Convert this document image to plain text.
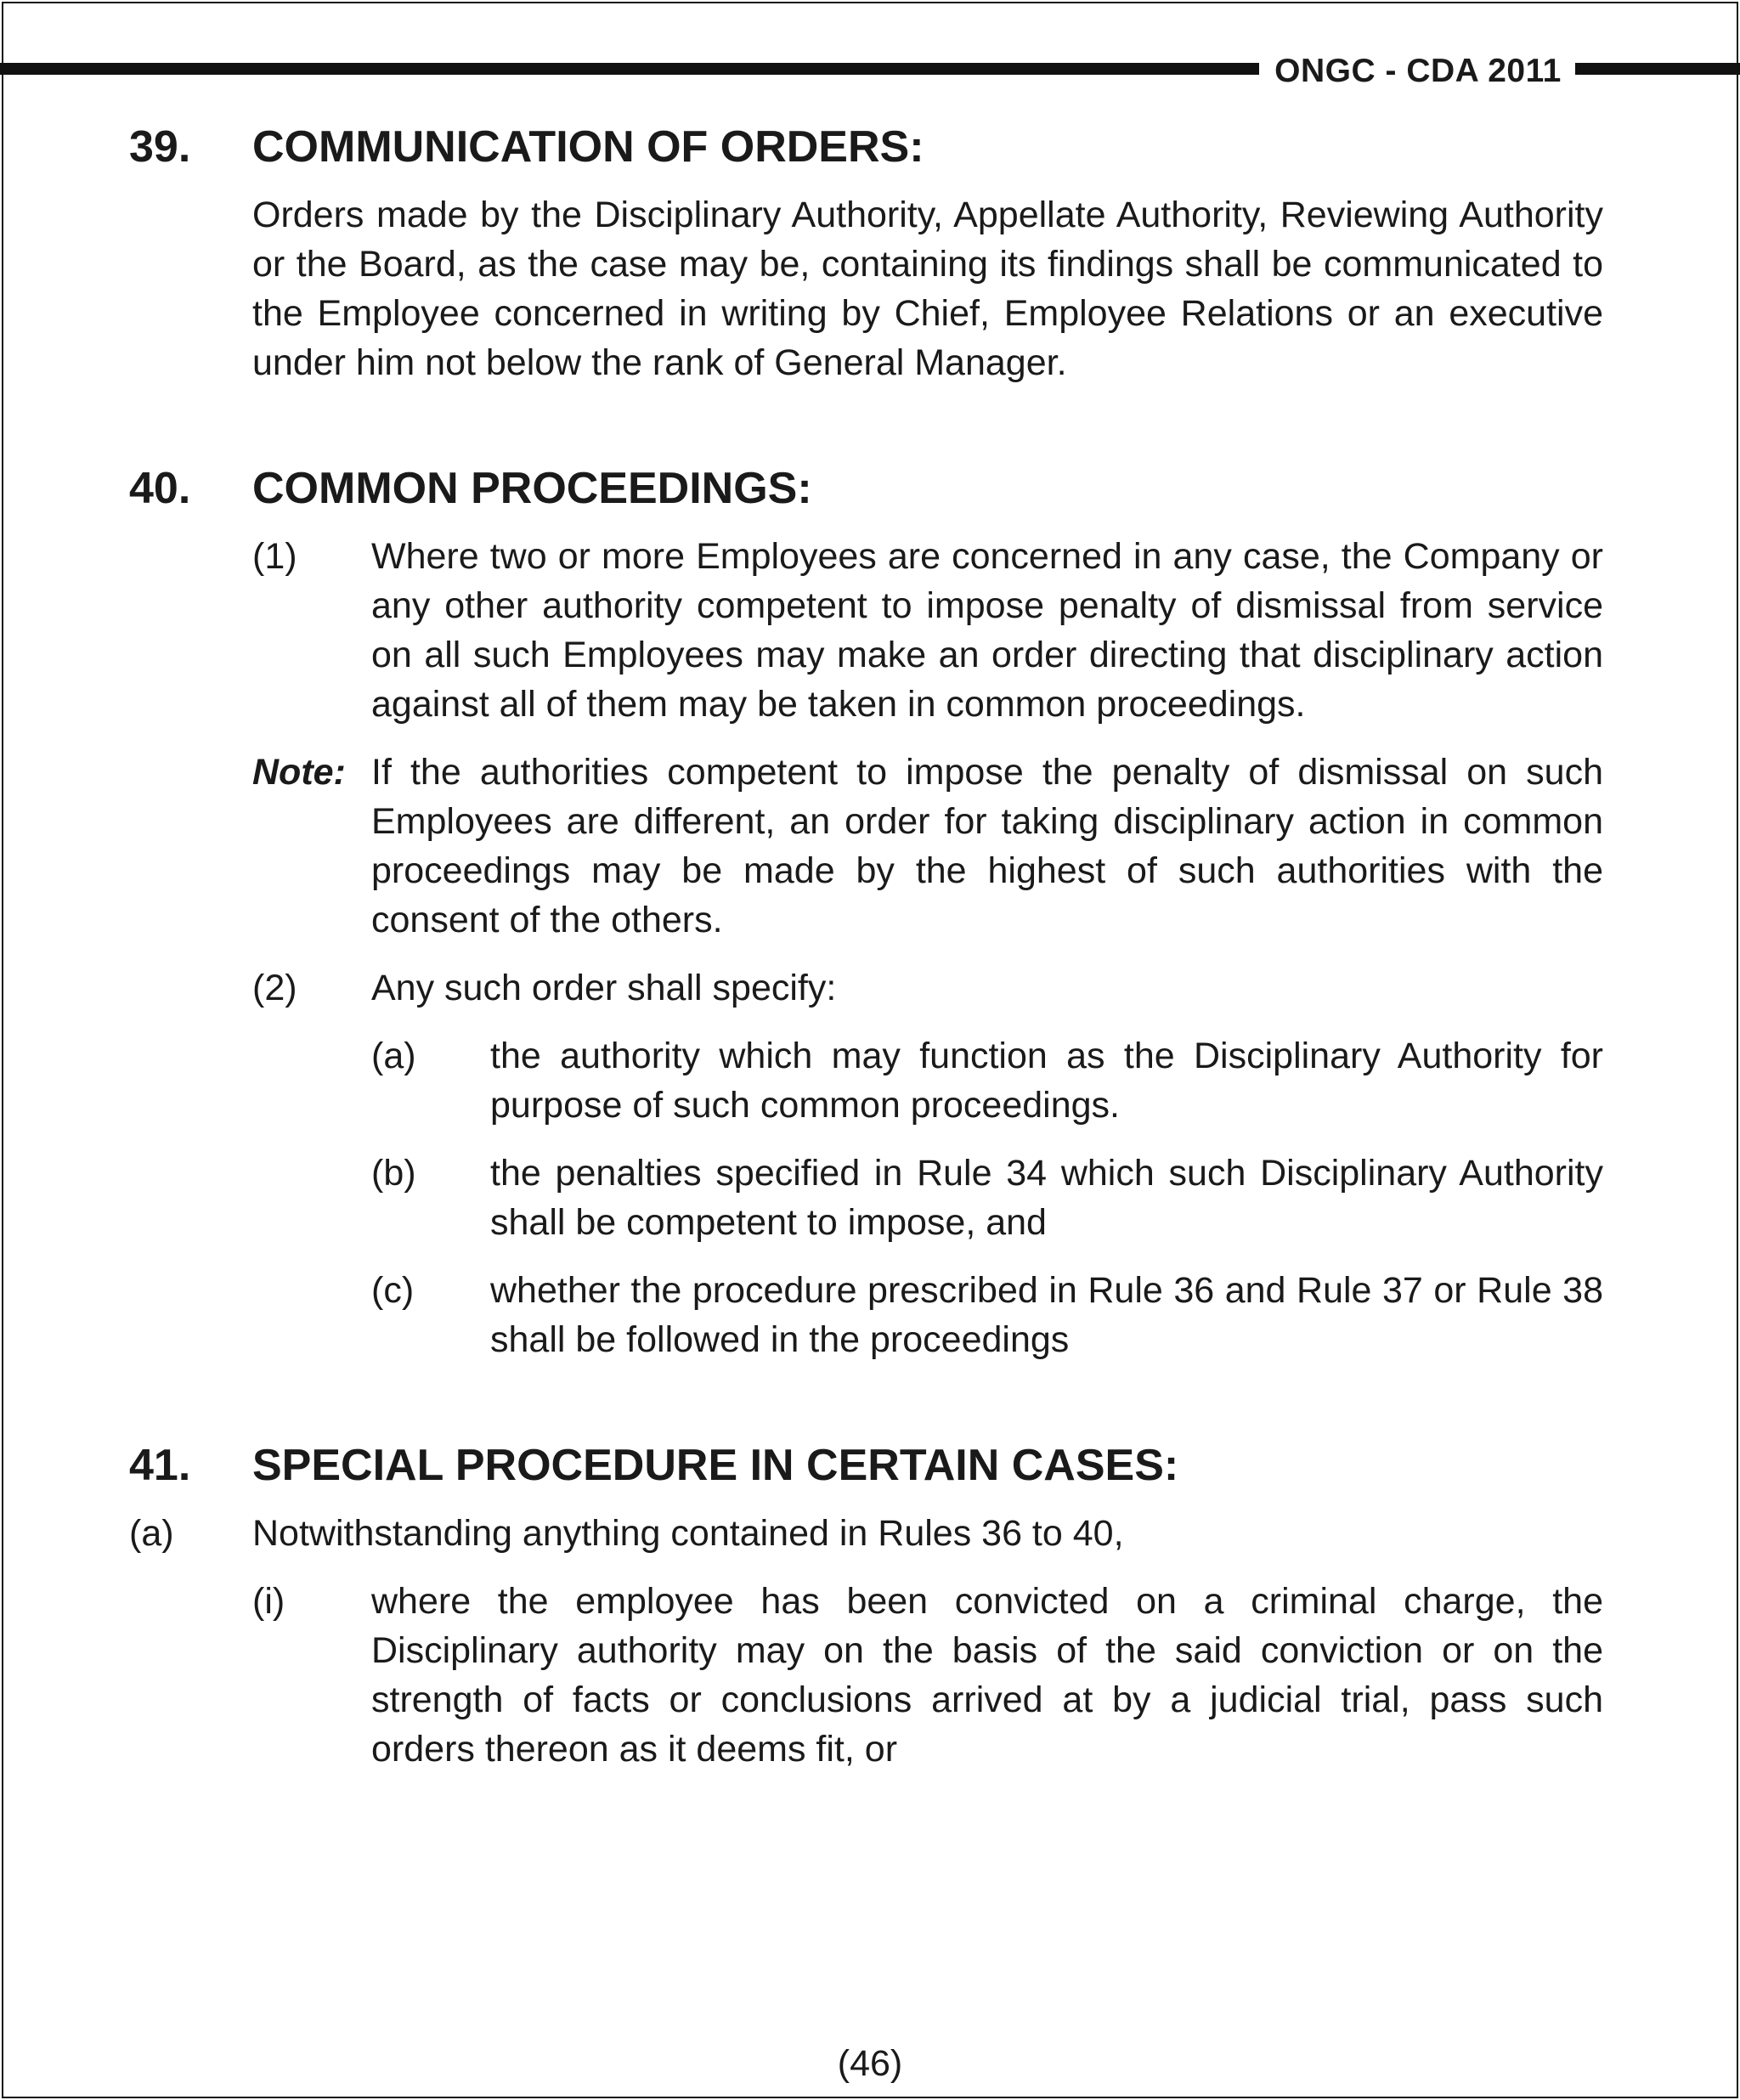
ONGC - CDA 2011
39.	COMMUNICATION OF ORDERS:
Orders made by the Disciplinary Authority, Appellate Authority, Reviewing Authority or the Board, as the case may be, containing its findings shall be communicated to the Employee concerned in writing by Chief, Employee Relations or an executive under him not below the rank of General Manager.
40.	COMMON PROCEEDINGS:
(1)	Where two or more Employees are concerned in any case, the Company or any other authority competent to impose penalty of dismissal from service on all such Employees may make an order directing that disciplinary action against all of them may be taken in common proceedings.
Note: If the authorities competent to impose the penalty of dismissal on such Employees are different, an order for taking disciplinary action in common proceedings may be made by the highest of such authorities with the consent of the others.
(2)	Any such order shall specify:
(a)	the authority which may function as the Disciplinary Authority for purpose of such common proceedings.
(b)	the penalties specified in Rule 34 which such Disciplinary Authority shall be competent to impose, and
(c)	whether the procedure prescribed in Rule 36 and Rule 37 or Rule 38 shall be followed in the proceedings
41.	SPECIAL PROCEDURE IN CERTAIN CASES:
(a)	Notwithstanding anything contained in Rules 36 to 40,
(i)	where the employee has been convicted on a criminal charge, the Disciplinary authority may on the basis of the said conviction or on the strength of facts or conclusions arrived at by a judicial trial, pass such orders thereon as it deems fit, or
(46)
